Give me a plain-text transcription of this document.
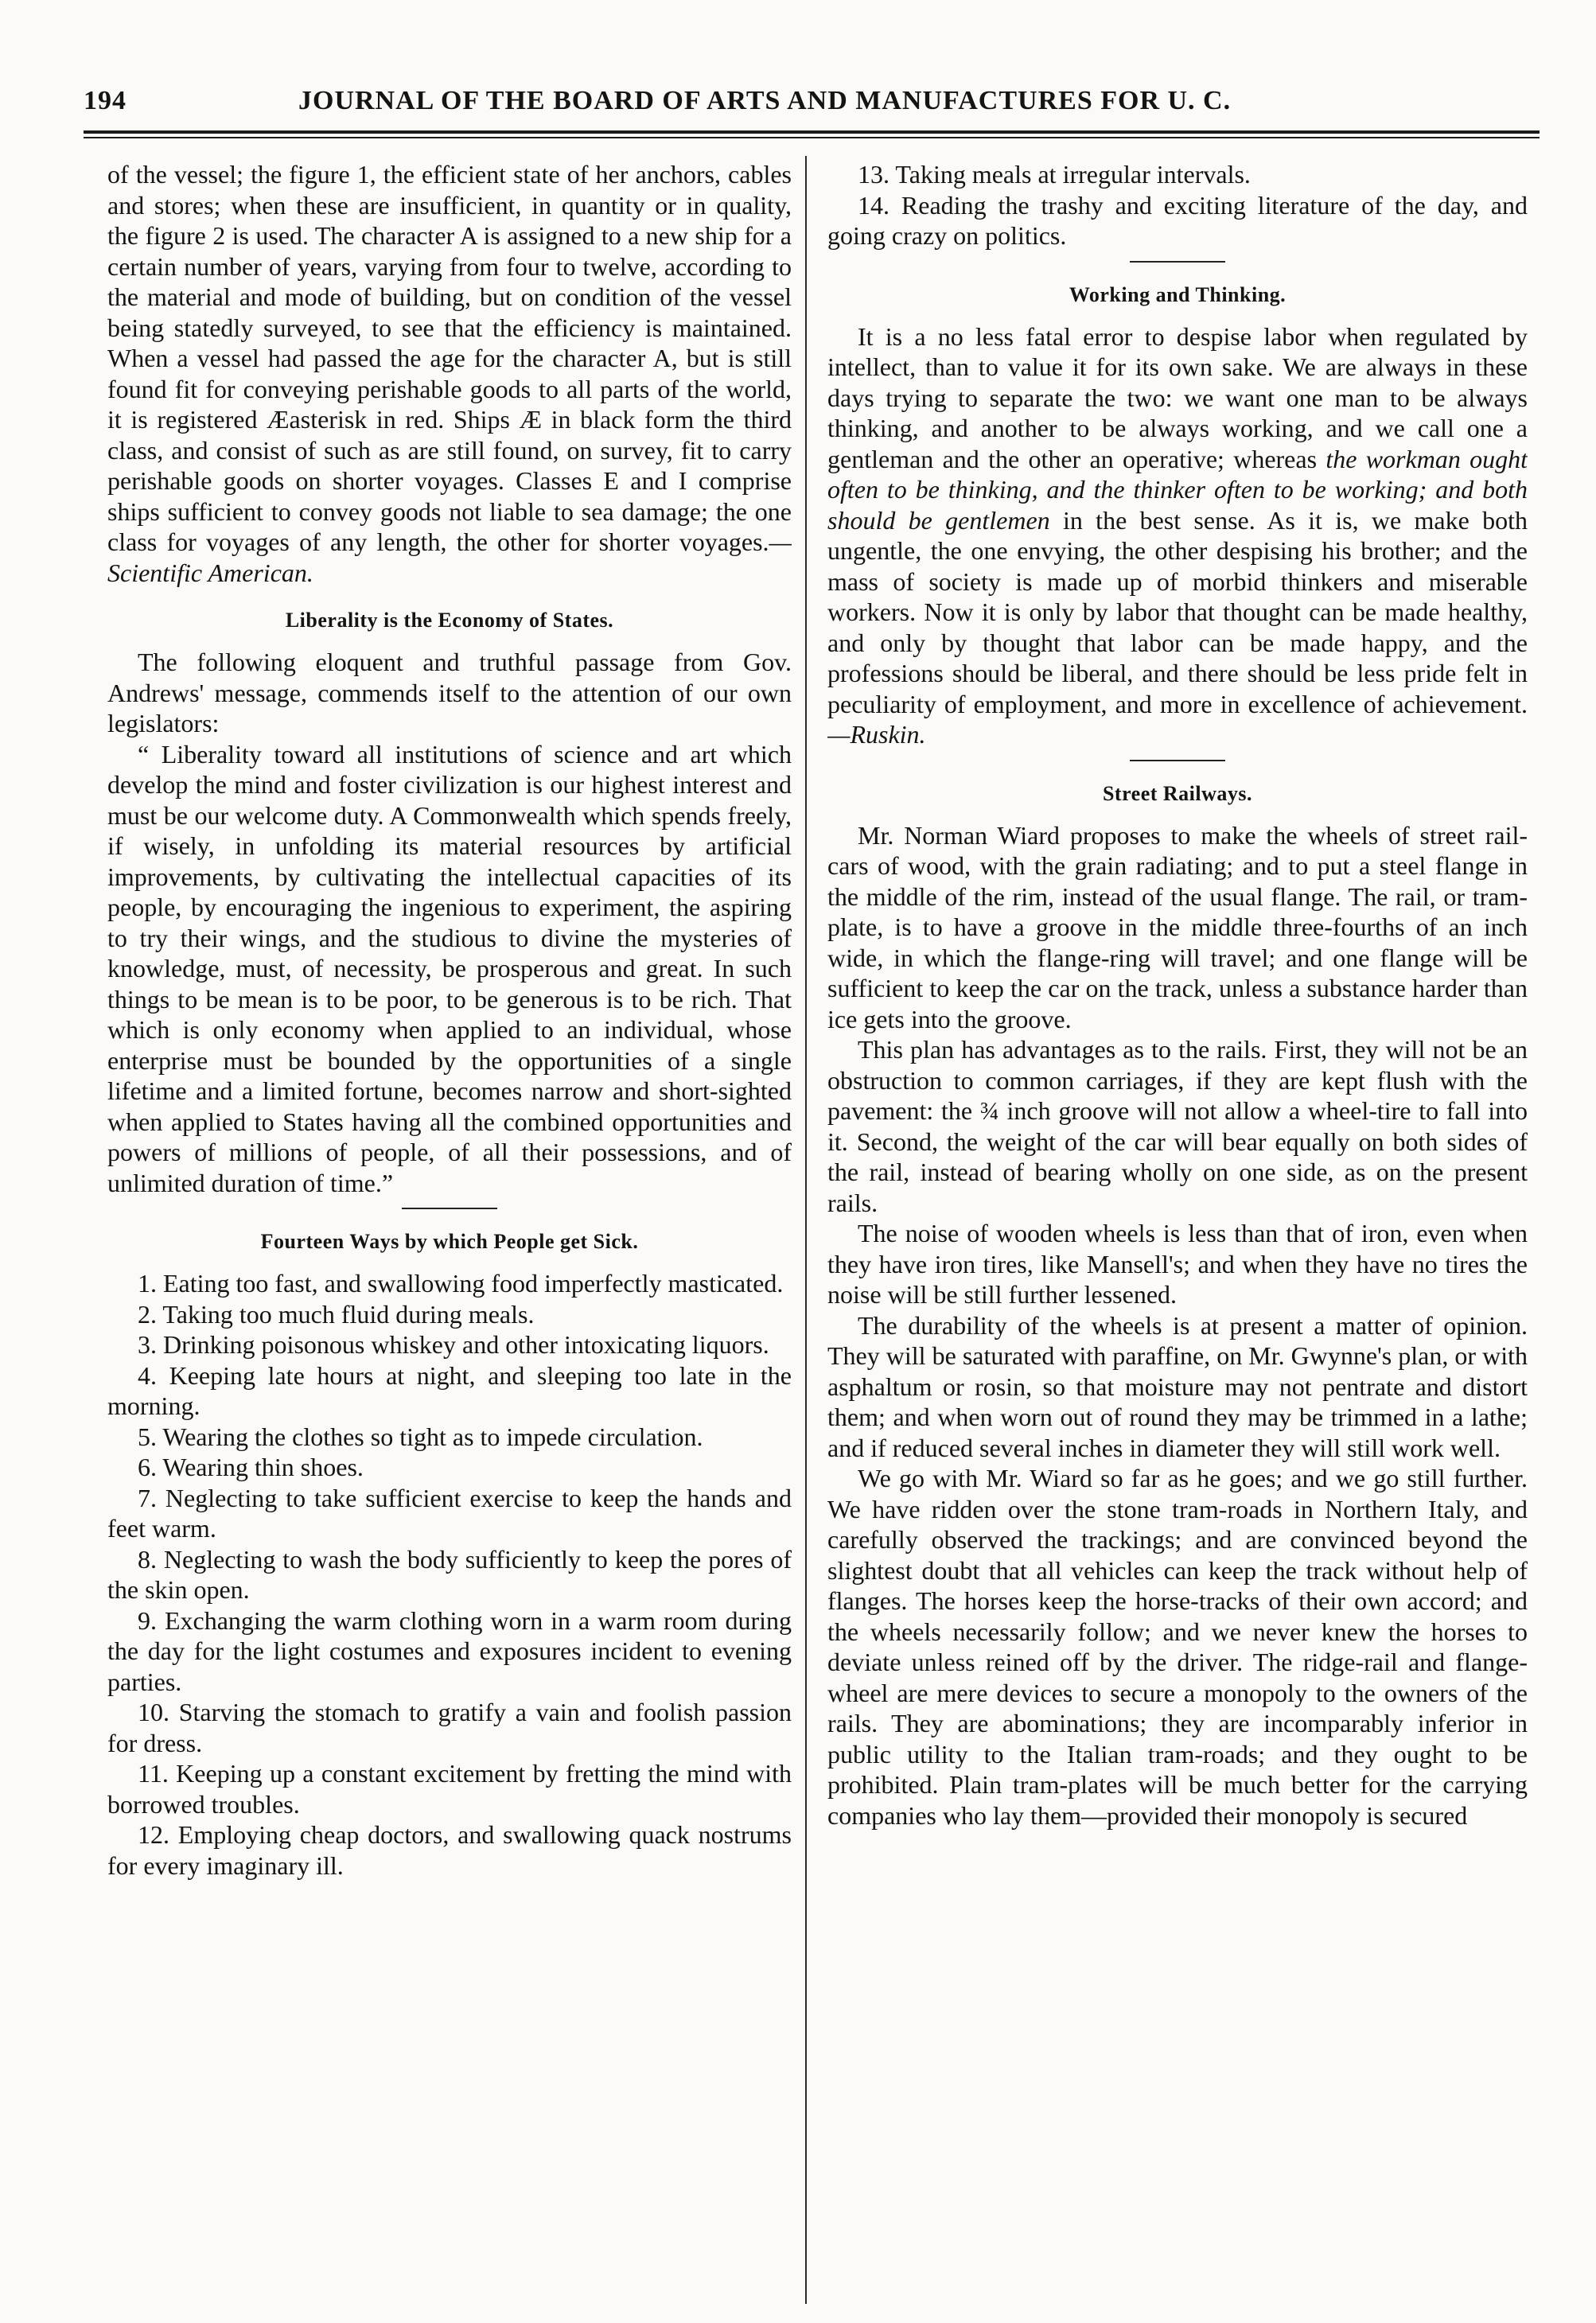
194	JOURNAL OF THE BOARD OF ARTS AND MANUFACTURES FOR U. C.

of the vessel; the figure 1, the efficient state of her anchors, cables and stores; when these are insufficient, in quantity or in quality, the figure 2 is used. The character A is assigned to a new ship for a certain number of years, varying from four to twelve, according to the material and mode of building, but on condition of the vessel being statedly surveyed, to see that the efficiency is maintained. When a vessel had passed the age for the character A, but is still found fit for conveying perishable goods to all parts of the world, it is registered Æasterisk in red. Ships Æ in black form the third class, and consist of such as are still found, on survey, fit to carry perishable goods on shorter voyages. Classes E and I comprise ships sufficient to convey goods not liable to sea damage; the one class for voyages of any length, the other for shorter voyages.—Scientific American.

Liberality is the Economy of States.

The following eloquent and truthful passage from Gov. Andrews' message, commends itself to the attention of our own legislators:

“ Liberality toward all institutions of science and art which develop the mind and foster civilization is our highest interest and must be our welcome duty. A Commonwealth which spends freely, if wisely, in unfolding its material resources by artificial improvements, by cultivating the intellectual capacities of its people, by encouraging the ingenious to experiment, the aspiring to try their wings, and the studious to divine the mysteries of knowledge, must, of necessity, be prosperous and great. In such things to be mean is to be poor, to be generous is to be rich. That which is only economy when applied to an individual, whose enterprise must be bounded by the opportunities of a single lifetime and a limited fortune, becomes narrow and short-sighted when applied to States having all the combined opportunities and powers of millions of people, of all their possessions, and of unlimited duration of time.”

Fourteen Ways by which People get Sick.

1. Eating too fast, and swallowing food imperfectly masticated.

2. Taking too much fluid during meals.

3. Drinking poisonous whiskey and other intoxicating liquors.

4. Keeping late hours at night, and sleeping too late in the morning.

5. Wearing the clothes so tight as to impede circulation.

6. Wearing thin shoes.

7. Neglecting to take sufficient exercise to keep the hands and feet warm.

8. Neglecting to wash the body sufficiently to keep the pores of the skin open.

9. Exchanging the warm clothing worn in a warm room during the day for the light costumes and exposures incident to evening parties.

10. Starving the stomach to gratify a vain and foolish passion for dress.

11. Keeping up a constant excitement by fretting the mind with borrowed troubles.

12. Employing cheap doctors, and swallowing quack nostrums for every imaginary ill.

13. Taking meals at irregular intervals.

14. Reading the trashy and exciting literature of the day, and going crazy on politics.

Working and Thinking.

It is a no less fatal error to despise labor when regulated by intellect, than to value it for its own sake. We are always in these days trying to separate the two: we want one man to be always thinking, and another to be always working, and we call one a gentleman and the other an operative; whereas the workman ought often to be thinking, and the thinker often to be working; and both should be gentlemen in the best sense. As it is, we make both ungentle, the one envying, the other despising his brother; and the mass of society is made up of morbid thinkers and miserable workers. Now it is only by labor that thought can be made healthy, and only by thought that labor can be made happy, and the professions should be liberal, and there should be less pride felt in peculiarity of employment, and more in excellence of achievement.—Ruskin.

Street Railways.

Mr. Norman Wiard proposes to make the wheels of street rail-cars of wood, with the grain radiating; and to put a steel flange in the middle of the rim, instead of the usual flange. The rail, or tram-plate, is to have a groove in the middle three-fourths of an inch wide, in which the flange-ring will travel; and one flange will be sufficient to keep the car on the track, unless a substance harder than ice gets into the groove.

This plan has advantages as to the rails. First, they will not be an obstruction to common carriages, if they are kept flush with the pavement: the ¾ inch groove will not allow a wheel-tire to fall into it. Second, the weight of the car will bear equally on both sides of the rail, instead of bearing wholly on one side, as on the present rails.

The noise of wooden wheels is less than that of iron, even when they have iron tires, like Mansell's; and when they have no tires the noise will be still further lessened.

The durability of the wheels is at present a matter of opinion. They will be saturated with paraffine, on Mr. Gwynne's plan, or with asphaltum or rosin, so that moisture may not pentrate and distort them; and when worn out of round they may be trimmed in a lathe; and if reduced several inches in diameter they will still work well.

We go with Mr. Wiard so far as he goes; and we go still further. We have ridden over the stone tram-roads in Northern Italy, and carefully observed the trackings; and are convinced beyond the slightest doubt that all vehicles can keep the track without help of flanges. The horses keep the horse-tracks of their own accord; and the wheels necessarily follow; and we never knew the horses to deviate unless reined off by the driver. The ridge-rail and flange-wheel are mere devices to secure a monopoly to the owners of the rails. They are abominations; they are incomparably inferior in public utility to the Italian tram-roads; and they ought to be prohibited. Plain tram-plates will be much better for the carrying companies who lay them—provided their monopoly is secured
